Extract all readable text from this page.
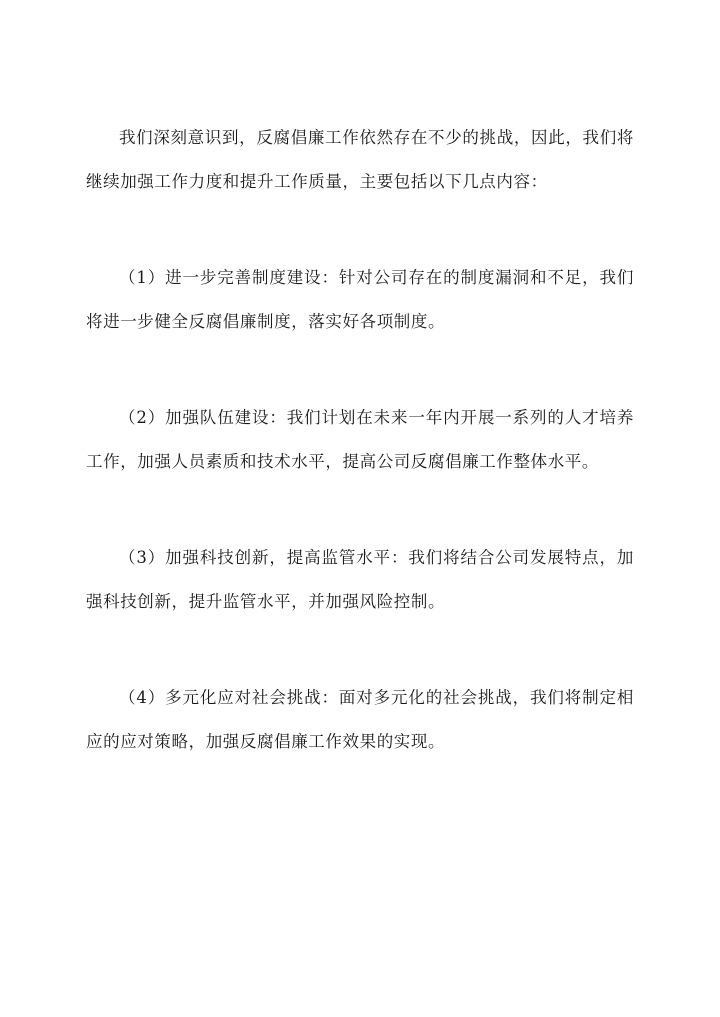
我们深刻意识到，反腐倡廉工作依然存在不少的挑战，因此，我们将继续加强工作力度和提升工作质量，主要包括以下几点内容：

（1）进一步完善制度建设：针对公司存在的制度漏洞和不足，我们将进一步健全反腐倡廉制度，落实好各项制度。

（2）加强队伍建设：我们计划在未来一年内开展一系列的人才培养工作，加强人员素质和技术水平，提高公司反腐倡廉工作整体水平。

（3）加强科技创新，提高监管水平：我们将结合公司发展特点，加强科技创新，提升监管水平，并加强风险控制。

（4）多元化应对社会挑战：面对多元化的社会挑战，我们将制定相应的应对策略，加强反腐倡廉工作效果的实现。
